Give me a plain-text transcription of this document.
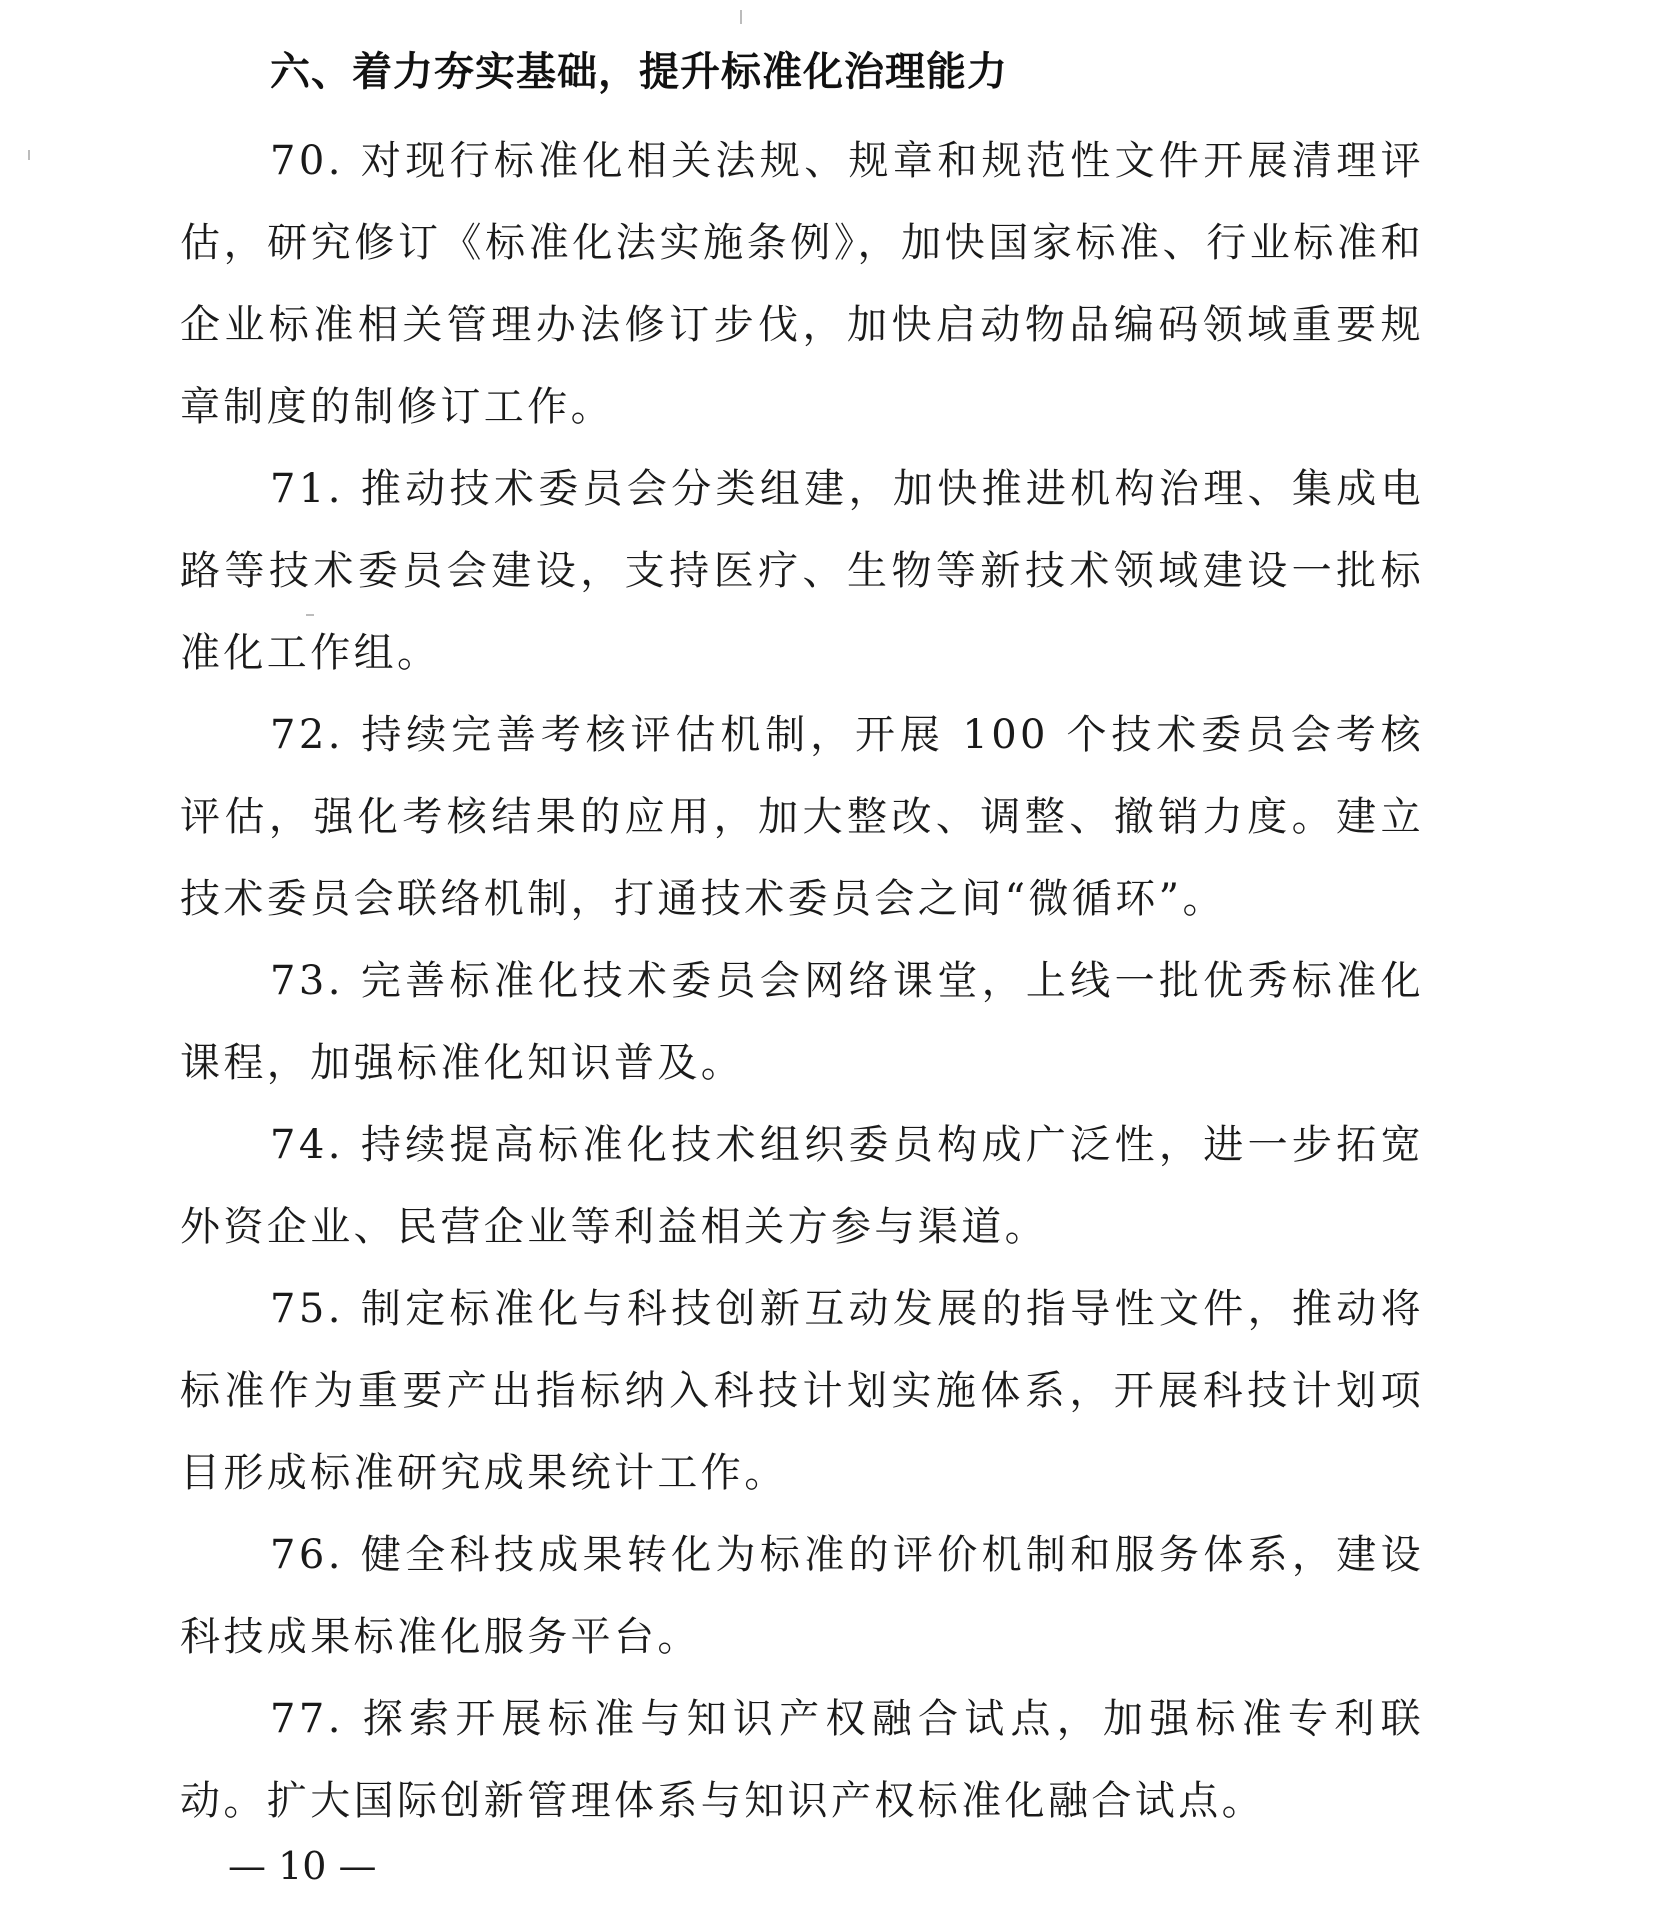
六、着力夯实基础，提升标准化治理能力

70. 对现行标准化相关法规、规章和规范性文件开展清理评估，研究修订《标准化法实施条例》，加快国家标准、行业标准和企业标准相关管理办法修订步伐，加快启动物品编码领域重要规章制度的制修订工作。

71. 推动技术委员会分类组建，加快推进机构治理、集成电路等技术委员会建设，支持医疗、生物等新技术领域建设一批标准化工作组。

72. 持续完善考核评估机制，开展 100 个技术委员会考核评估，强化考核结果的应用，加大整改、调整、撤销力度。建立技术委员会联络机制，打通技术委员会之间“微循环”。

73. 完善标准化技术委员会网络课堂，上线一批优秀标准化课程，加强标准化知识普及。

74. 持续提高标准化技术组织委员构成广泛性，进一步拓宽外资企业、民营企业等利益相关方参与渠道。

75. 制定标准化与科技创新互动发展的指导性文件，推动将标准作为重要产出指标纳入科技计划实施体系，开展科技计划项目形成标准研究成果统计工作。

76. 健全科技成果转化为标准的评价机制和服务体系，建设科技成果标准化服务平台。

77. 探索开展标准与知识产权融合试点，加强标准专利联动。扩大国际创新管理体系与知识产权标准化融合试点。

— 10 —
